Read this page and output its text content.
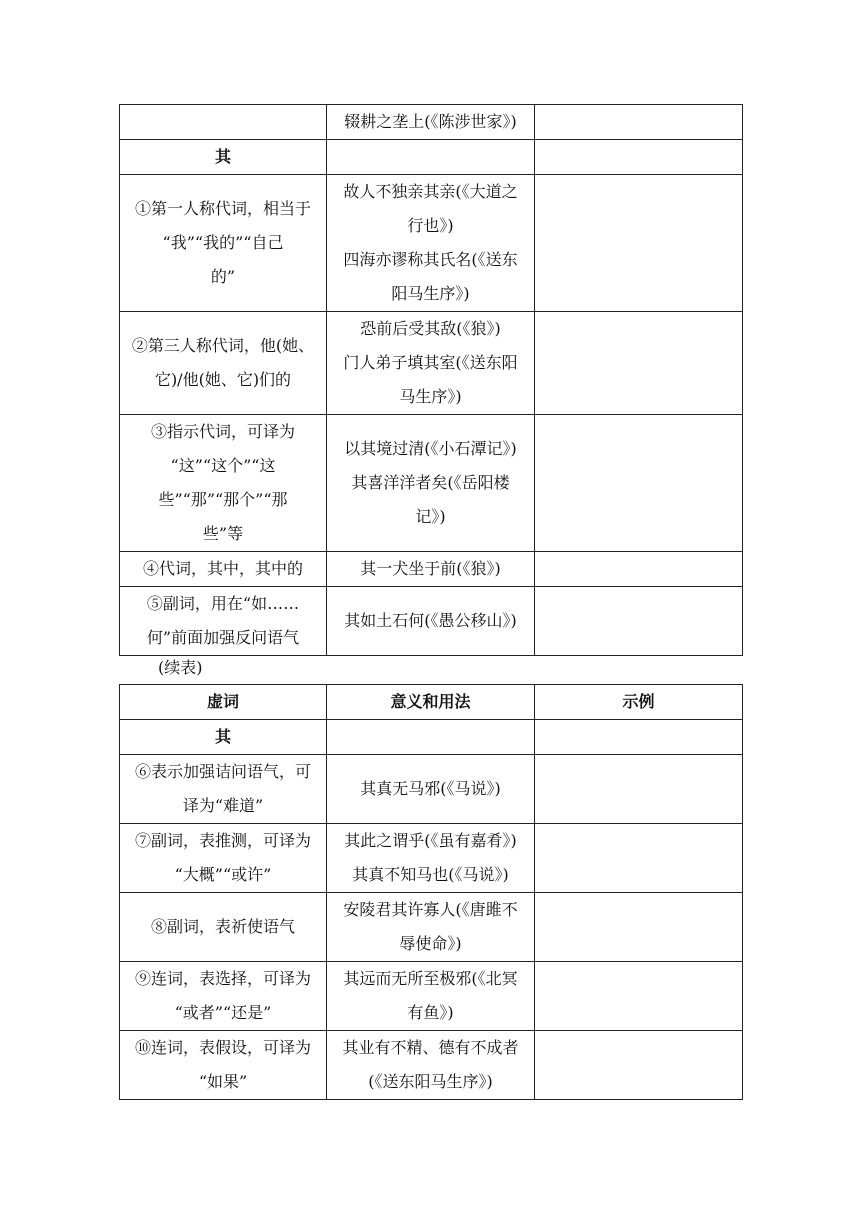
	辍耕之垄上(《陈涉世家》)	

其		

①第一人称代词，相当于
“我”“我的”“自己
的”	故人不独亲其亲(《大道之
行也》)
四海亦谬称其氏名(《送东
阳马生序》)	

②第三人称代词，他(她、
它)/他(她、它)们的	恐前后受其敌(《狼》)
门人弟子填其室(《送东阳
马生序》)	

③指示代词，可译为
“这”“这个”“这
些”“那”“那个”“那
些”等	以其境过清(《小石潭记》)
其喜洋洋者矣(《岳阳楼
记》)	

④代词，其中，其中的	其一犬坐于前(《狼》)	

⑤副词，用在“如……
何”前面加强反问语气	其如土石何(《愚公移山》)	

(续表)
虚词	意义和用法	示例

其		

⑥表示加强诘问语气，可
译为“难道”	其真无马邪(《马说》)	

⑦副词，表推测，可译为
“大概”“或许”	其此之谓乎(《虽有嘉肴》)
其真不知马也(《马说》)	

⑧副词，表祈使语气	安陵君其许寡人(《唐雎不
辱使命》)	

⑨连词，表选择，可译为
“或者”“还是”	其远而无所至极邪(《北冥
有鱼》)	

⑩连词，表假设，可译为
“如果”	其业有不精、德有不成者
(《送东阳马生序》)	
